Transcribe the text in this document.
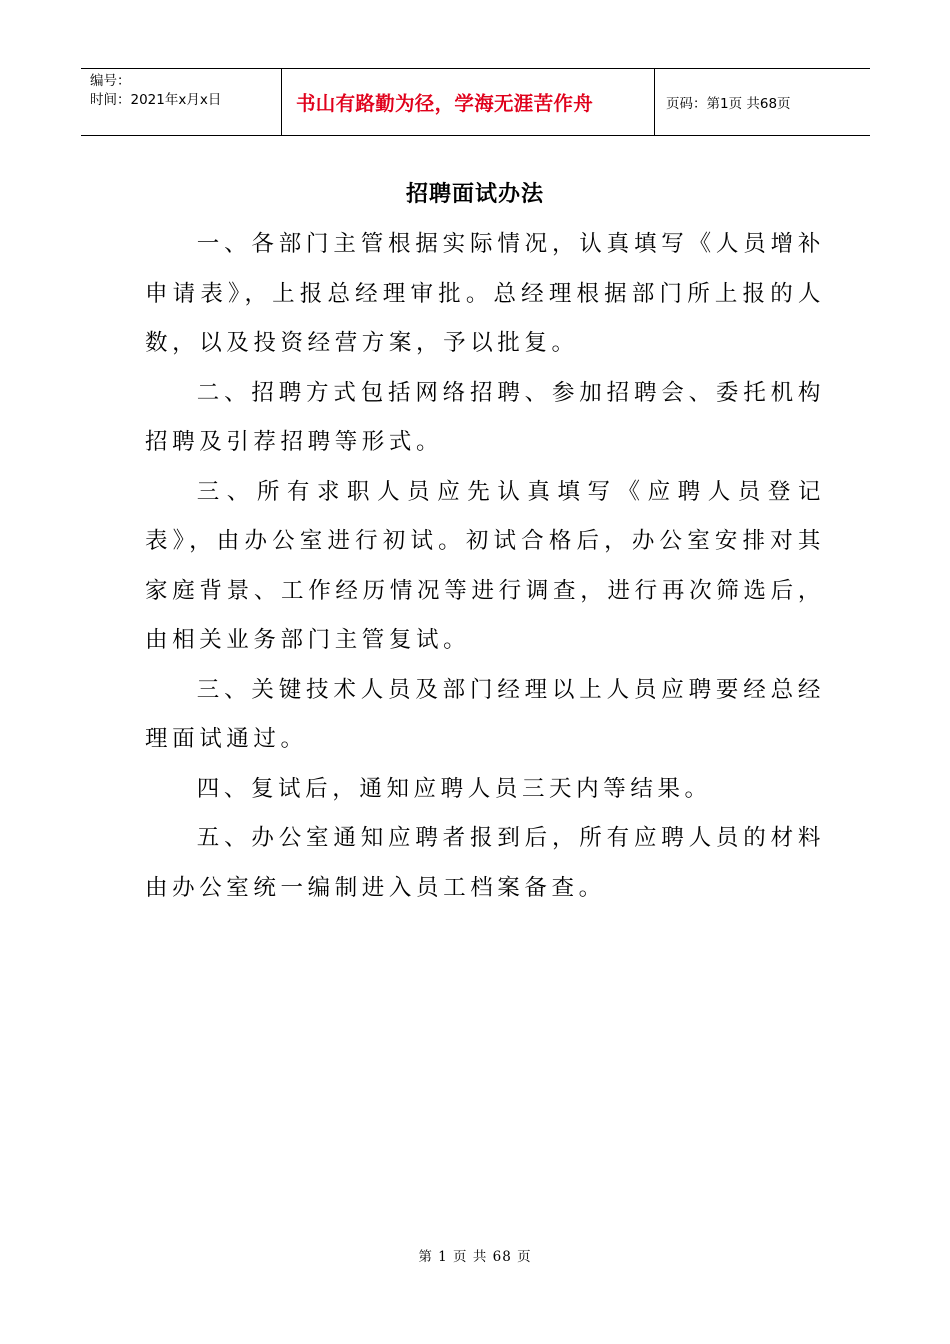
编号：
时间：2021年x月x日	书山有路勤为径，学海无涯苦作舟	页码：第1页 共68页
招聘面试办法

一、各部门主管根据实际情况，认真填写《人员增补申请表》，上报总经理审批。总经理根据部门所上报的人数，以及投资经营方案，予以批复。

二、招聘方式包括网络招聘、参加招聘会、委托机构招聘及引荐招聘等形式。

三、所有求职人员应先认真填写《应聘人员登记表》，由办公室进行初试。初试合格后，办公室安排对其家庭背景、工作经历情况等进行调查，进行再次筛选后，由相关业务部门主管复试。

三、关键技术人员及部门经理以上人员应聘要经总经理面试通过。

四、复试后，通知应聘人员三天内等结果。

五、办公室通知应聘者报到后，所有应聘人员的材料由办公室统一编制进入员工档案备查。

第 1 页 共 68 页
